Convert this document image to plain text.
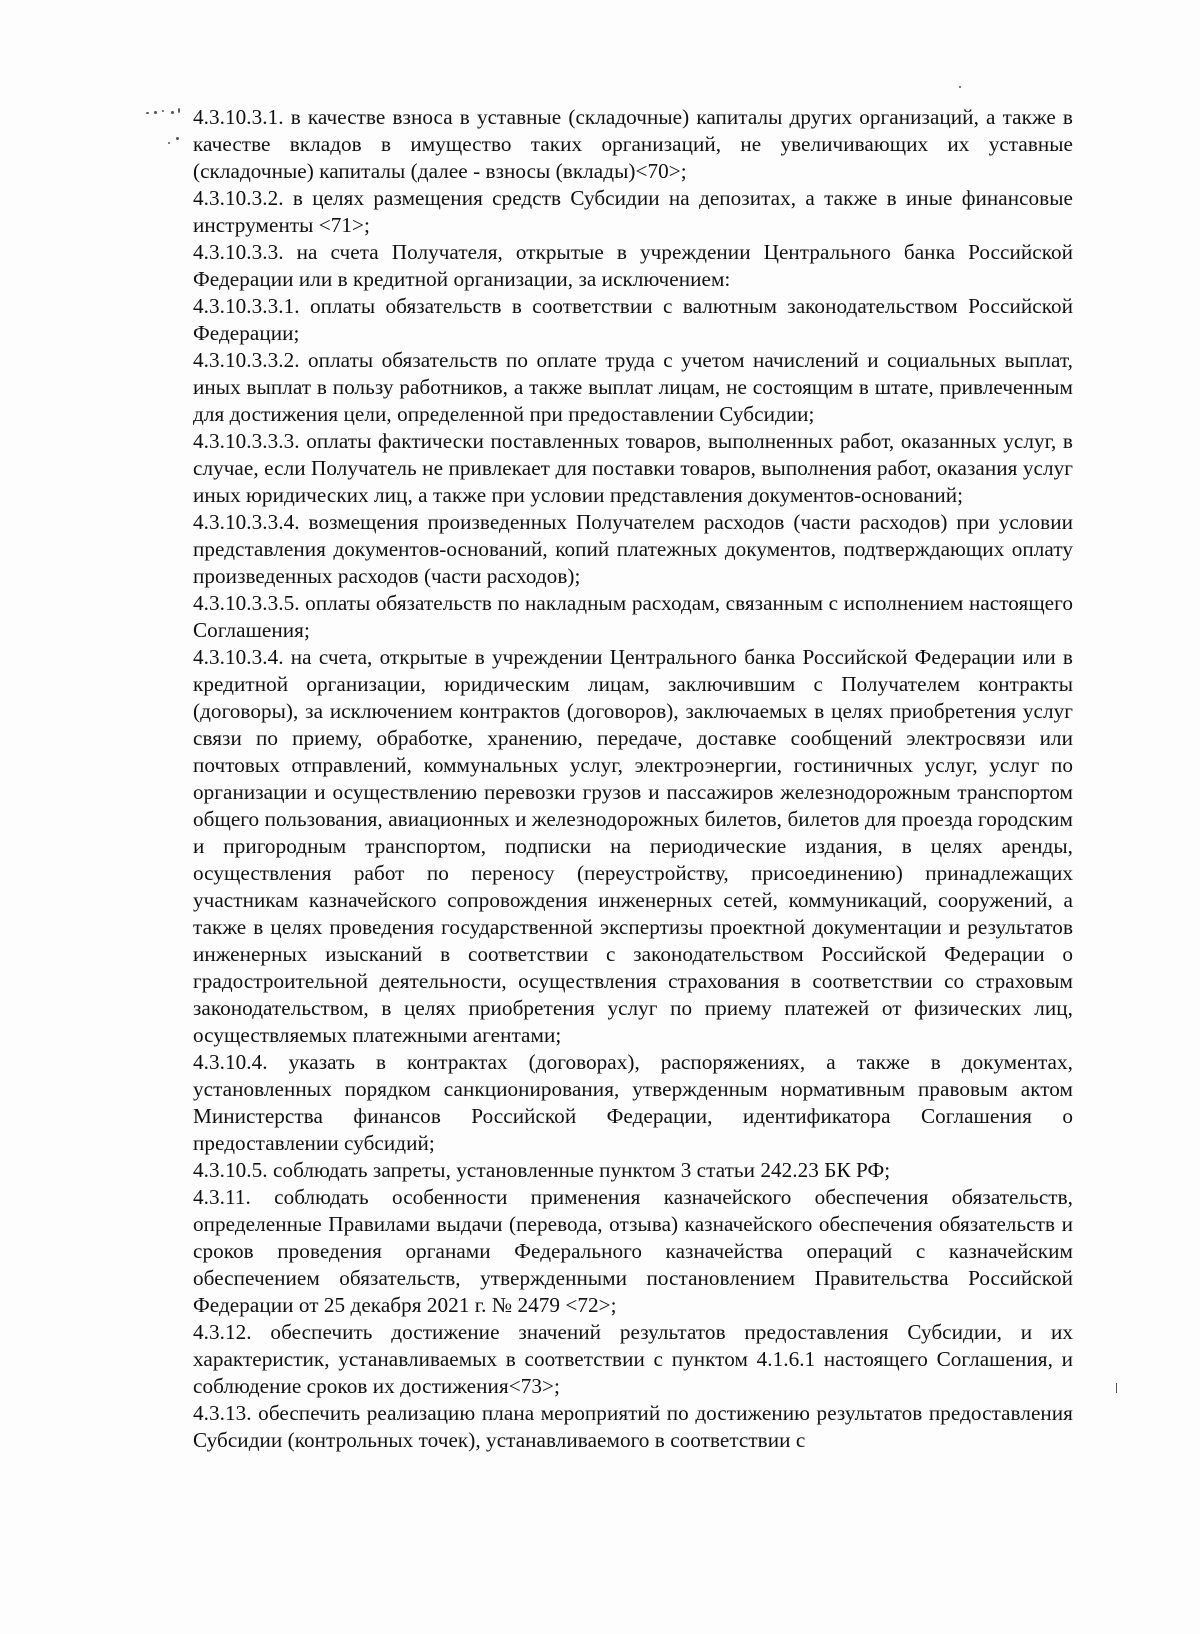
4.3.10.3.1. в качестве взноса в уставные (складочные) капиталы других организаций, а также в качестве вкладов в имущество таких организаций, не увеличивающих их уставные (складочные) капиталы (далее - взносы (вклады)<70>;

4.3.10.3.2. в целях размещения средств Субсидии на депозитах, а также в иные финансовые инструменты <71>;

4.3.10.3.3. на счета Получателя, открытые в учреждении Центрального банка Российской Федерации или в кредитной организации, за исключением:

4.3.10.3.3.1. оплаты обязательств в соответствии с валютным законодательством Российской Федерации;

4.3.10.3.3.2. оплаты обязательств по оплате труда с учетом начислений и социальных выплат, иных выплат в пользу работников, а также выплат лицам, не состоящим в штате, привлеченным для достижения цели, определенной при предоставлении Субсидии;

4.3.10.3.3.3. оплаты фактически поставленных товаров, выполненных работ, оказанных услуг, в случае, если Получатель не привлекает для поставки товаров, выполнения работ, оказания услуг иных юридических лиц, а также при условии представления документов-оснований;

4.3.10.3.3.4. возмещения произведенных Получателем расходов (части расходов) при условии представления документов-оснований, копий платежных документов, подтверждающих оплату произведенных расходов (части расходов);

4.3.10.3.3.5. оплаты обязательств по накладным расходам, связанным с исполнением настоящего Соглашения;

4.3.10.3.4. на счета, открытые в учреждении Центрального банка Российской Федерации или в кредитной организации, юридическим лицам, заключившим с Получателем контракты (договоры), за исключением контрактов (договоров), заключаемых в целях приобретения услуг связи по приему, обработке, хранению, передаче, доставке сообщений электросвязи или почтовых отправлений, коммунальных услуг, электроэнергии, гостиничных услуг, услуг по организации и осуществлению перевозки грузов и пассажиров железнодорожным транспортом общего пользования, авиационных и железнодорожных билетов, билетов для проезда городским и пригородным транспортом, подписки на периодические издания, в целях аренды, осуществления работ по переносу (переустройству, присоединению) принадлежащих участникам казначейского сопровождения инженерных сетей, коммуникаций, сооружений, а также в целях проведения государственной экспертизы проектной документации и результатов инженерных изысканий в соответствии с законодательством Российской Федерации о градостроительной деятельности, осуществления страхования в соответствии со страховым законодательством, в целях приобретения услуг по приему платежей от физических лиц, осуществляемых платежными агентами;

4.3.10.4. указать в контрактах (договорах), распоряжениях, а также в документах, установленных порядком санкционирования, утвержденным нормативным правовым актом Министерства финансов Российской Федерации, идентификатора Соглашения о предоставлении субсидий;

4.3.10.5. соблюдать запреты, установленные пунктом 3 статьи 242.23 БК РФ;

4.3.11. соблюдать особенности применения казначейского обеспечения обязательств, определенные Правилами выдачи (перевода, отзыва) казначейского обеспечения обязательств и сроков проведения органами Федерального казначейства операций с казначейским обеспечением обязательств, утвержденными постановлением Правительства Российской Федерации от 25 декабря 2021 г. № 2479 <72>;

4.3.12. обеспечить достижение значений результатов предоставления Субсидии, и их характеристик, устанавливаемых в соответствии с пунктом 4.1.6.1 настоящего Соглашения, и соблюдение сроков их достижения<73>;

4.3.13. обеспечить реализацию плана мероприятий по достижению результатов предоставления Субсидии (контрольных точек), устанавливаемого в соответствии с
